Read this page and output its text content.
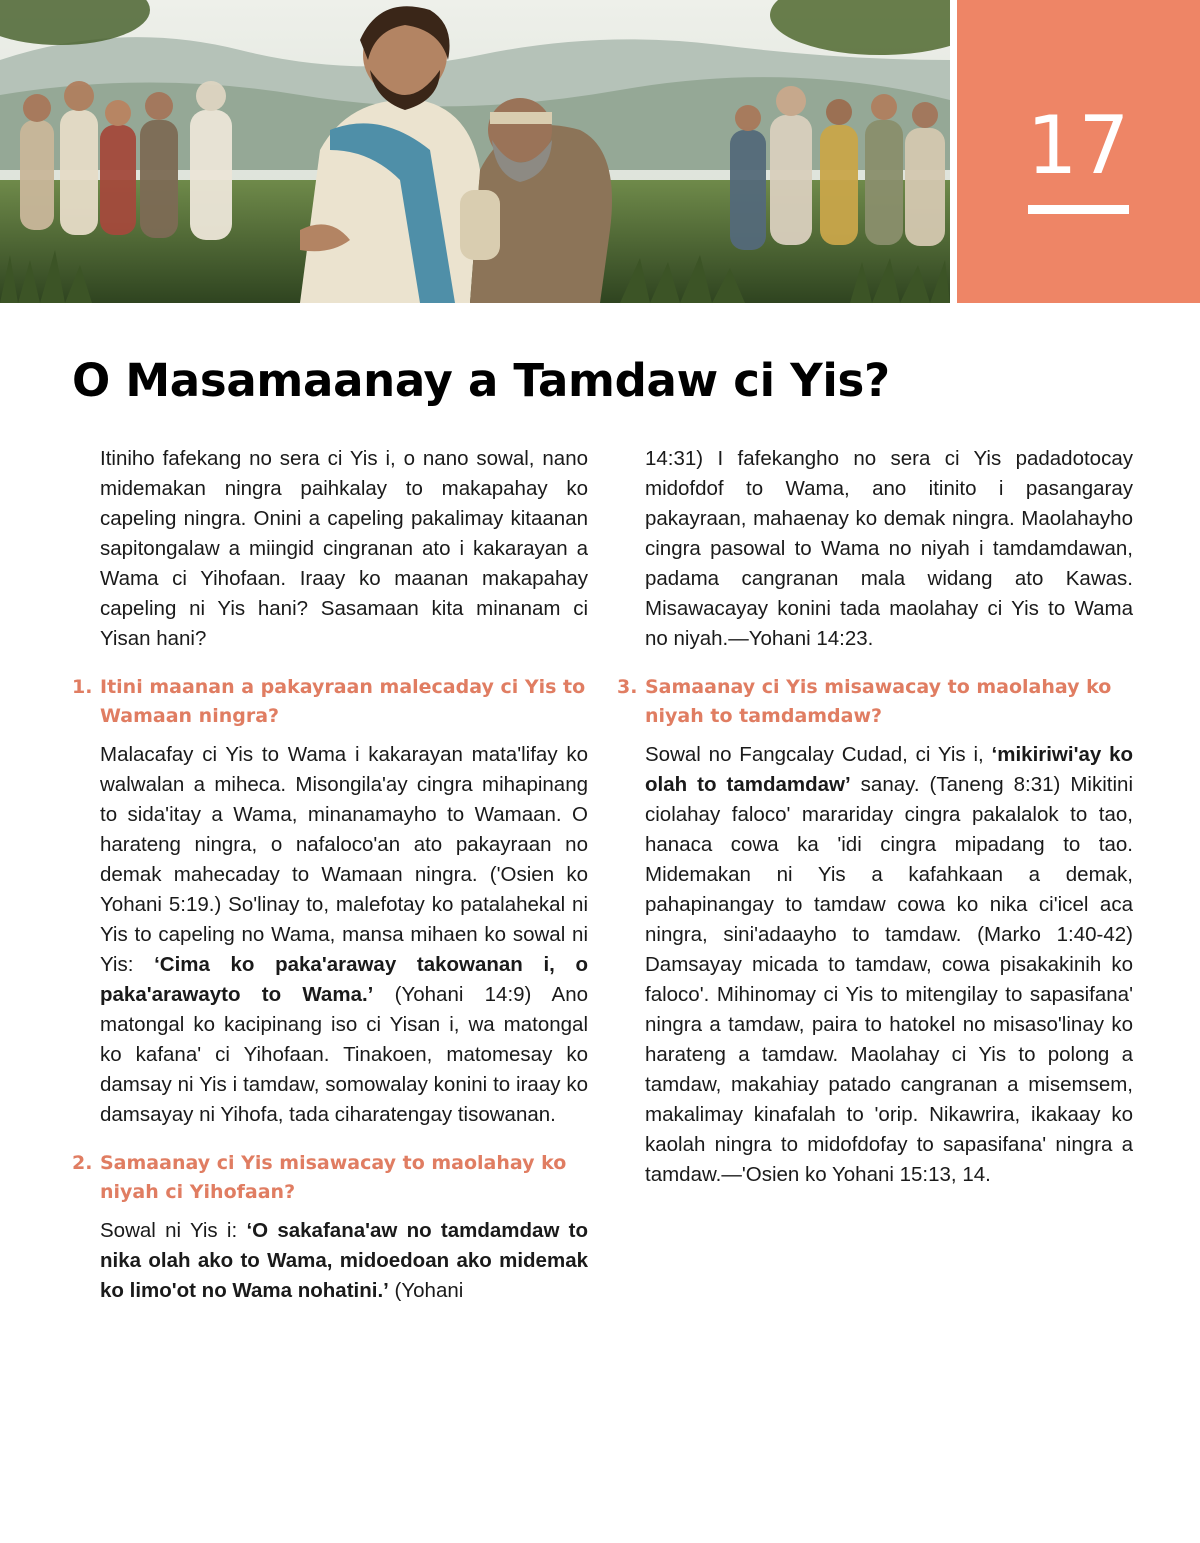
17
O Masamaanay a Tamdaw ci Yis?

Itiniho fafekang no sera ci Yis i, o nano sowal, nano midemakan ningra paihkalay to makapahay ko capeling ningra. Onini a capeling pakalimay kitaanan sapitongalaw a miingid cingranan ato i kakarayan a Wama ci Yihofaan. Iraay ko maanan makapahay capeling ni Yis hani? Sasamaan kita minanam ci Yisan hani?

1. Itini maanan a pakayraan malecaday ci Yis to Wamaan ningra?

Malacafay ci Yis to Wama i kakarayan mata'lifay ko walwalan a miheca. Misongila'ay cingra mihapinang to sida'itay a Wama, minanamayho to Wamaan. O harateng ningra, o nafaloco'an ato pakayraan no demak mahecaday to Wamaan ningra. ('Osien ko Yohani 5:19.) So'linay to, malefotay ko patalahekal ni Yis to capeling no Wama, mansa mihaen ko sowal ni Yis: ‘Cima ko paka'araway takowanan i, o paka'arawayto to Wama.’ (Yohani 14:9) Ano matongal ko kacipinang iso ci Yisan i, wa matongal ko kafana' ci Yihofaan. Tinakoen, matomesay ko damsay ni Yis i tamdaw, somowalay konini to iraay ko damsayay ni Yihofa, tada ciharatengay tisowanan.

2. Samaanay ci Yis misawacay to maolahay ko niyah ci Yihofaan?

Sowal ni Yis i: ‘O sakafana'aw no tamdamdaw to nika olah ako to Wama, midoedoan ako midemak ko limo'ot no Wama nohatini.’ (Yohani

14:31) I fafekangho no sera ci Yis padadotocay midofdof to Wama, ano itinito i pasangaray pakayraan, mahaenay ko demak ningra. Maolahayho cingra pasowal to Wama no niyah i tamdamdawan, padama cangranan mala widang ato Kawas. Misawacayay konini tada maolahay ci Yis to Wama no niyah.—Yohani 14:23.

3. Samaanay ci Yis misawacay to maolahay ko niyah to tamdamdaw?

Sowal no Fangcalay Cudad, ci Yis i, ‘mikiriwi'ay ko olah to tamdamdaw’ sanay. (Taneng 8:31) Mikitini ciolahay faloco' marariday cingra pakalalok to tao, hanaca cowa ka 'idi cingra mipadang to tao. Midemakan ni Yis a kafahkaan a demak, pahapinangay to tamdaw cowa ko nika ci'icel aca ningra, sini'adaayho to tamdaw. (Marko 1:40-42) Damsayay micada to tamdaw, cowa pisakakinih ko faloco'. Mihinomay ci Yis to mitengilay to sapasifana' ningra a tamdaw, paira to hatokel no misaso'linay ko harateng a tamdaw. Maolahay ci Yis to polong a tamdaw, makahiay patado cangranan a misemsem, makalimay kinafalah to 'orip. Nikawrira, ikakaay ko kaolah ningra to midofdofay to sapasifana' ningra a tamdaw.—'Osien ko Yohani 15:13, 14.
